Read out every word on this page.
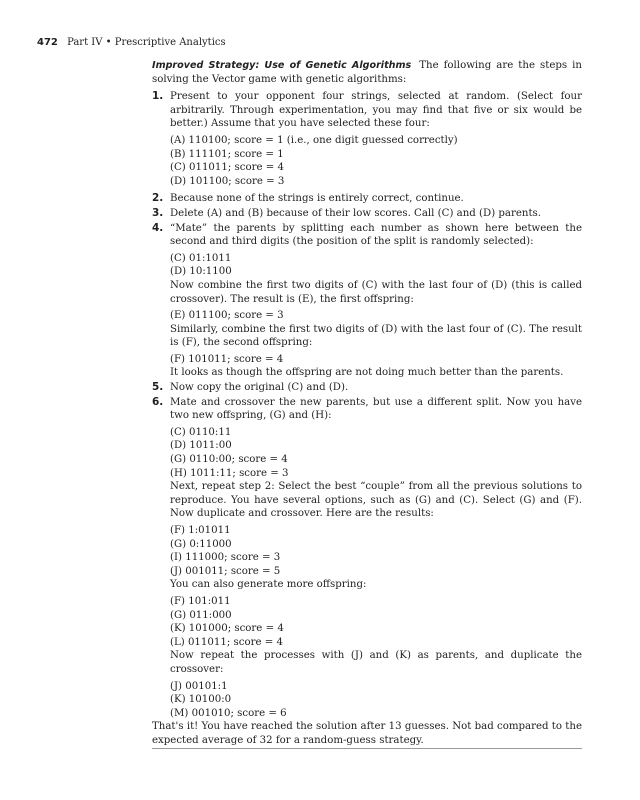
472 Part IV • Prescriptive Analytics

Improved Strategy: Use of Genetic Algorithms The following are the steps in solving the Vector game with genetic algorithms:

1. Present to your opponent four strings, selected at random. (Select four arbitrarily. Through experimentation, you may find that five or six would be better.) Assume that you have selected these four:
(A) 110100; score = 1 (i.e., one digit guessed correctly)
(B) 111101; score = 1
(C) 011011; score = 4
(D) 101100; score = 3
2. Because none of the strings is entirely correct, continue.
3. Delete (A) and (B) because of their low scores. Call (C) and (D) parents.
4. “Mate” the parents by splitting each number as shown here between the second and third digits (the position of the split is randomly selected):
(C) 01:1011
(D) 10:1100

Now combine the first two digits of (C) with the last four of (D) (this is called crossover). The result is (E), the first offspring:

(E) 011100; score = 3

Similarly, combine the first two digits of (D) with the last four of (C). The result is (F), the second offspring:

(F) 101011; score = 4

It looks as though the offspring are not doing much better than the parents.

5. Now copy the original (C) and (D).
6. Mate and crossover the new parents, but use a different split. Now you have two new offspring, (G) and (H):
(C) 0110:11
(D) 1011:00
(G) 0110:00; score = 4
(H) 1011:11; score = 3

Next, repeat step 2: Select the best “couple” from all the previous solutions to reproduce. You have several options, such as (G) and (C). Select (G) and (F). Now duplicate and crossover. Here are the results:

(F) 1:01011
(G) 0:11000
(I) 111000; score = 3
(J) 001011; score = 5

You can also generate more offspring:

(F) 101:011
(G) 011:000
(K) 101000; score = 4
(L) 011011; score = 4

Now repeat the processes with (J) and (K) as parents, and duplicate the crossover:

(J) 00101:1
(K) 10100:0
(M) 001010; score = 6

That's it! You have reached the solution after 13 guesses. Not bad compared to the expected average of 32 for a random-guess strategy.
